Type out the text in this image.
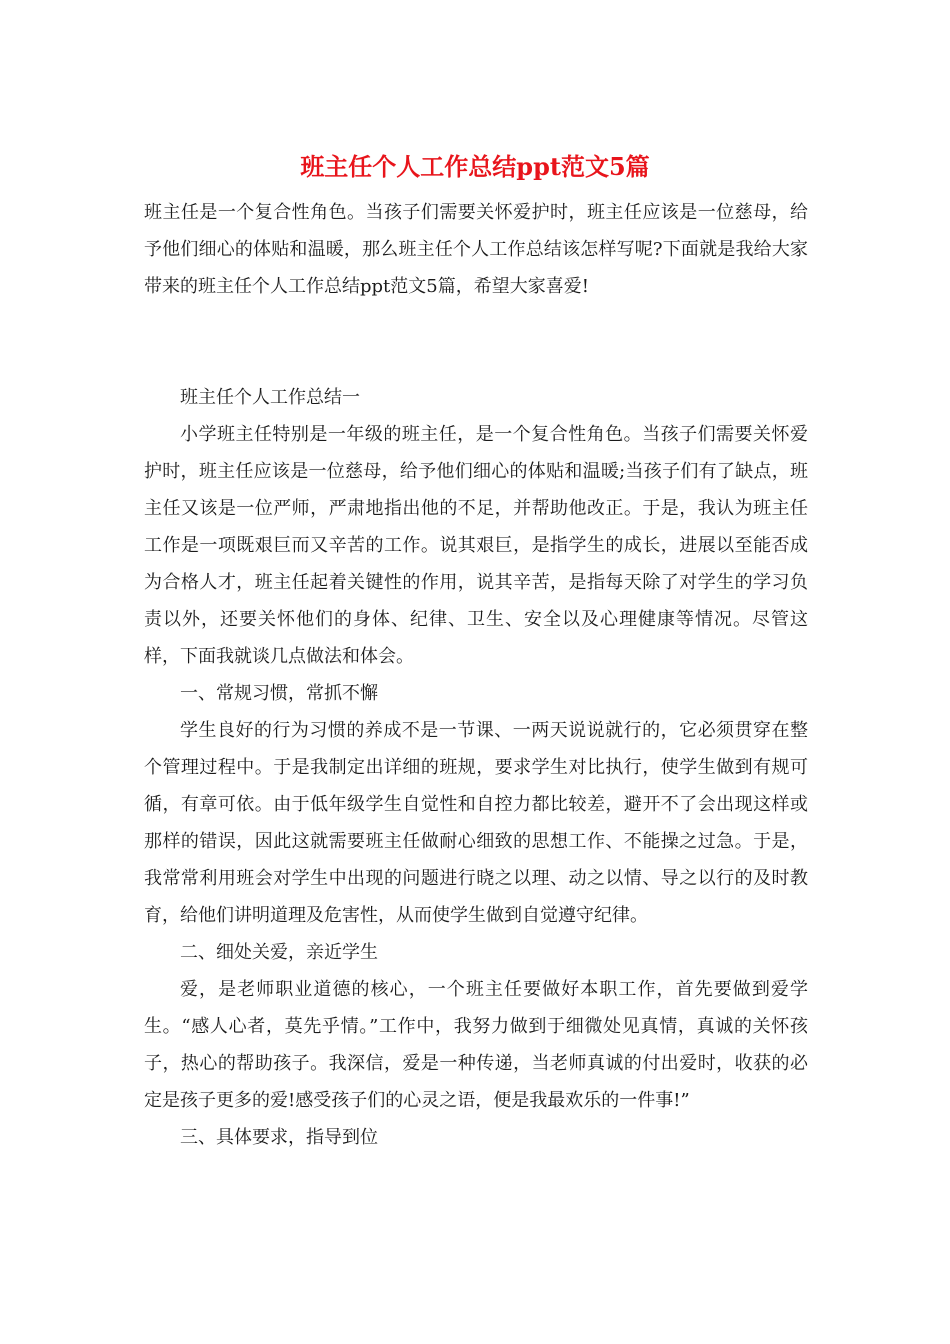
班主任个人工作总结ppt范文5篇

班主任是一个复合性角色。当孩子们需要关怀爱护时，班主任应该是一位慈母，给予他们细心的体贴和温暖，那么班主任个人工作总结该怎样写呢?下面就是我给大家带来的班主任个人工作总结ppt范文5篇，希望大家喜爱!

班主任个人工作总结一

小学班主任特别是一年级的班主任，是一个复合性角色。当孩子们需要关怀爱护时，班主任应该是一位慈母，给予他们细心的体贴和温暖;当孩子们有了缺点，班主任又该是一位严师，严肃地指出他的不足，并帮助他改正。于是，我认为班主任工作是一项既艰巨而又辛苦的工作。说其艰巨，是指学生的成长，进展以至能否成为合格人才，班主任起着关键性的作用，说其辛苦，是指每天除了对学生的学习负责以外，还要关怀他们的身体、纪律、卫生、安全以及心理健康等情况。尽管这样，下面我就谈几点做法和体会。

一、常规习惯，常抓不懈

学生良好的行为习惯的养成不是一节课、一两天说说就行的，它必须贯穿在整个管理过程中。于是我制定出详细的班规，要求学生对比执行，使学生做到有规可循，有章可依。由于低年级学生自觉性和自控力都比较差，避开不了会出现这样或那样的错误，因此这就需要班主任做耐心细致的思想工作、不能操之过急。于是，我常常利用班会对学生中出现的问题进行晓之以理、动之以情、导之以行的及时教育，给他们讲明道理及危害性，从而使学生做到自觉遵守纪律。

二、细处关爱，亲近学生

爱，是老师职业道德的核心，一个班主任要做好本职工作，首先要做到爱学生。“感人心者，莫先乎情。”工作中，我努力做到于细微处见真情，真诚的关怀孩子，热心的帮助孩子。我深信，爱是一种传递，当老师真诚的付出爱时，收获的必定是孩子更多的爱!感受孩子们的心灵之语，便是我最欢乐的一件事!”

三、具体要求，指导到位
